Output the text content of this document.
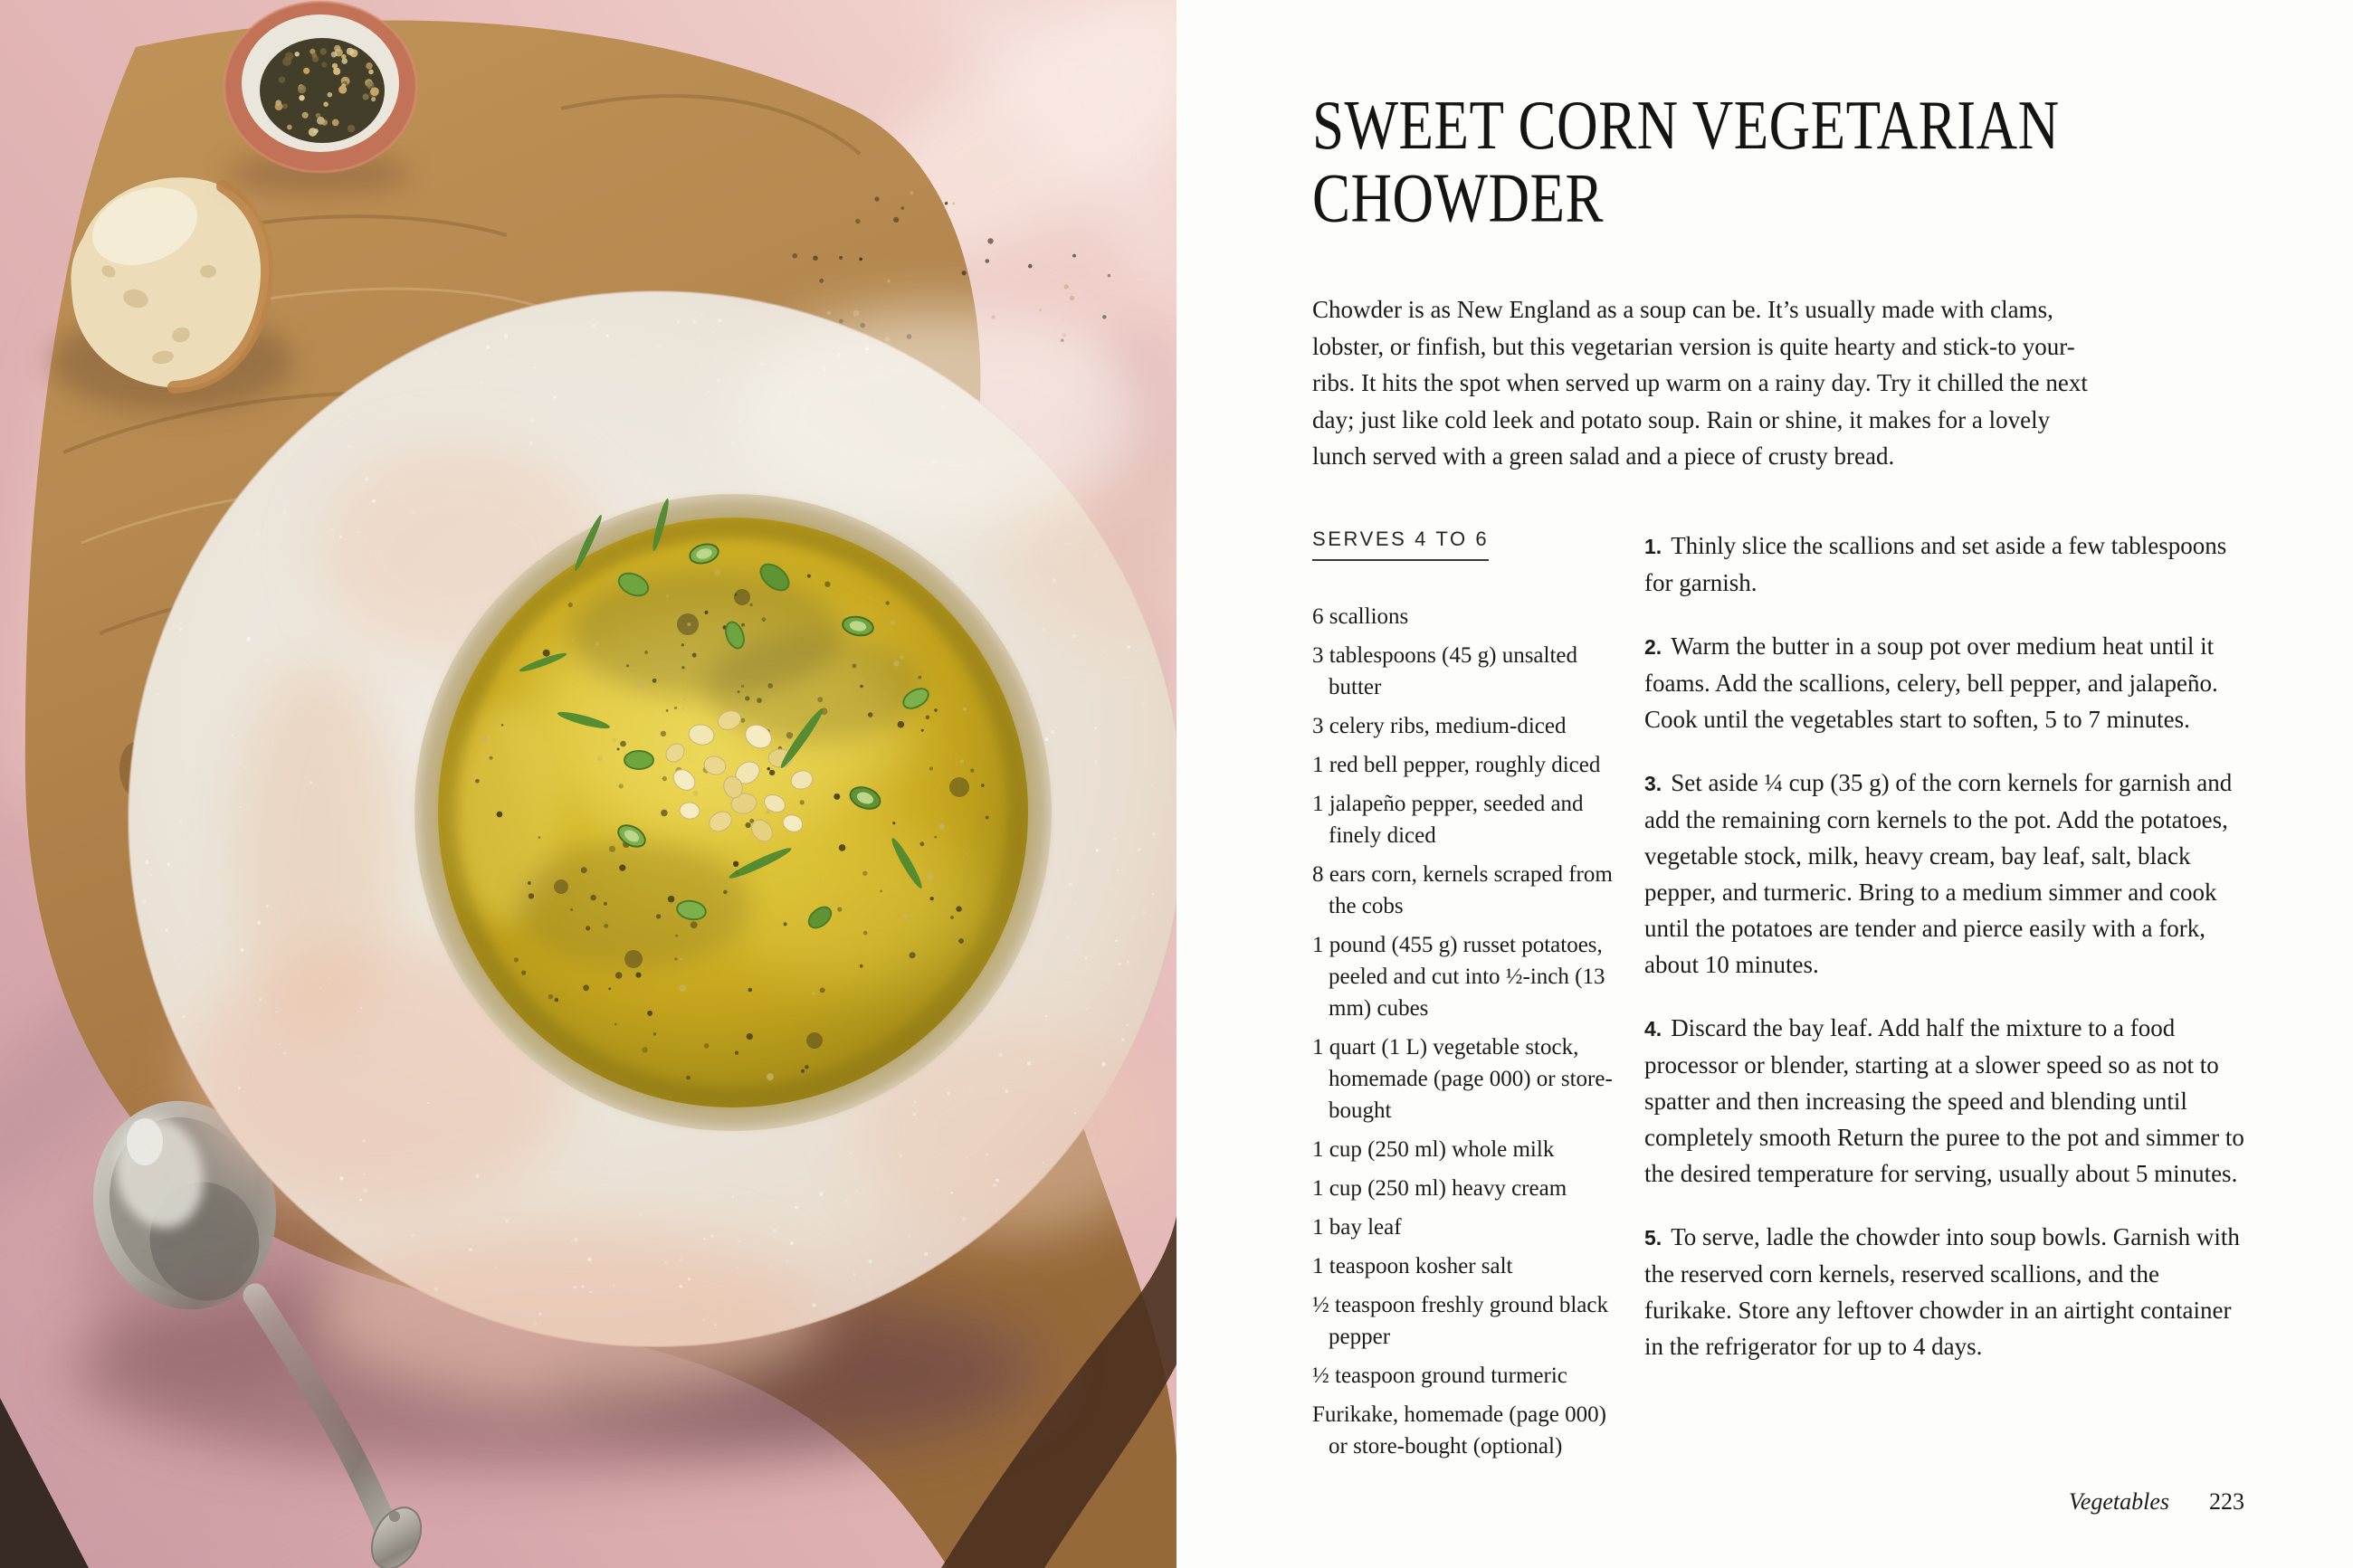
SWEET CORN VEGETARIAN CHOWDER

Chowder is as New England as a soup can be. It’s usually made with clams, lobster, or finfish, but this vegetarian version is quite hearty and stick-to your-ribs. It hits the spot when served up warm on a rainy day. Try it chilled the next day; just like cold leek and potato soup. Rain or shine, it makes for a lovely lunch served with a green salad and a piece of crusty bread.

SERVES 4 TO 6
6 scallions
3 tablespoons (45 g) unsalted butter
3 celery ribs, medium-diced
1 red bell pepper, roughly diced
1 jalapeño pepper, seeded and finely diced
8 ears corn, kernels scraped from the cobs
1 pound (455 g) russet potatoes, peeled and cut into ½-inch (13 mm) cubes
1 quart (1 L) vegetable stock, homemade (page 000) or store-bought
1 cup (250 ml) whole milk
1 cup (250 ml) heavy cream
1 bay leaf
1 teaspoon kosher salt
½ teaspoon freshly ground black pepper
½ teaspoon ground turmeric
Furikake, homemade (page 000) or store-bought (optional)

1. Thinly slice the scallions and set aside a few tablespoons for garnish.

2. Warm the butter in a soup pot over medium heat until it foams. Add the scallions, celery, bell pepper, and jalapeño. Cook until the vegetables start to soften, 5 to 7 minutes.

3. Set aside ¼ cup (35 g) of the corn kernels for garnish and add the remaining corn kernels to the pot. Add the potatoes, vegetable stock, milk, heavy cream, bay leaf, salt, black pepper, and turmeric. Bring to a medium simmer and cook until the potatoes are tender and pierce easily with a fork, about 10 minutes.

4. Discard the bay leaf. Add half the mixture to a food processor or blender, starting at a slower speed so as not to spatter and then increasing the speed and blending until completely smooth Return the puree to the pot and simmer to the desired temperature for serving, usually about 5 minutes.

5. To serve, ladle the chowder into soup bowls. Garnish with the reserved corn kernels, reserved scallions, and the furikake. Store any leftover chowder in an airtight container in the refrigerator for up to 4 days.

Vegetables 223
